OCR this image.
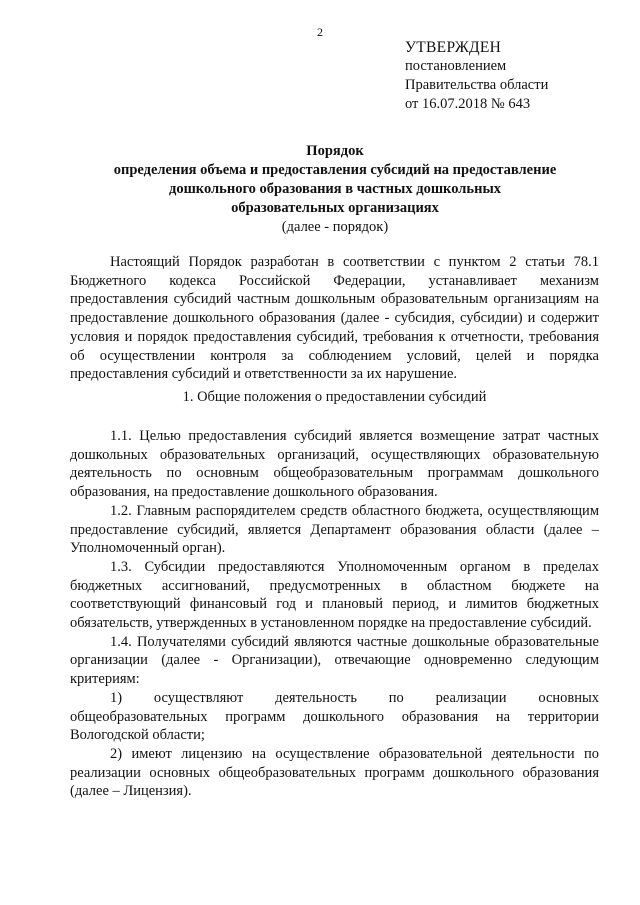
2
УТВЕРЖДЕН
постановлением
Правительства области
от 16.07.2018 № 643
Порядок
определения объема и предоставления субсидий на предоставление
дошкольного образования в частных дошкольных
образовательных организациях
(далее - порядок)

Настоящий Порядок разработан в соответствии с пунктом 2 статьи 78.1 Бюджетного кодекса Российской Федерации, устанавливает механизм предоставления субсидий частным дошкольным образовательным организациям на предоставление дошкольного образования (далее - субсидия, субсидии) и содержит условия и порядок предоставления субсидий, требования к отчетности, требования об осуществлении контроля за соблюдением условий, целей и порядка предоставления субсидий и ответственности за их нарушение.

1. Общие положения о предоставлении субсидий

1.1. Целью предоставления субсидий является возмещение затрат частных дошкольных образовательных организаций, осуществляющих образовательную деятельность по основным общеобразовательным программам дошкольного образования, на предоставление дошкольного образования.

1.2. Главным распорядителем средств областного бюджета, осуществляющим предоставление субсидий, является Департамент образования области (далее – Уполномоченный орган).

1.3. Субсидии предоставляются Уполномоченным органом в пределах бюджетных ассигнований, предусмотренных в областном бюджете на соответствующий финансовый год и плановый период, и лимитов бюджетных обязательств, утвержденных в установленном порядке на предоставление субсидий.

1.4. Получателями субсидий являются частные дошкольные образовательные организации (далее - Организации), отвечающие одновременно следующим критериям:

1) осуществляют деятельность по реализации основных общеобразовательных программ дошкольного образования на территории Вологодской области;

2) имеют лицензию на осуществление образовательной деятельности по реализации основных общеобразовательных программ дошкольного образования (далее – Лицензия).
